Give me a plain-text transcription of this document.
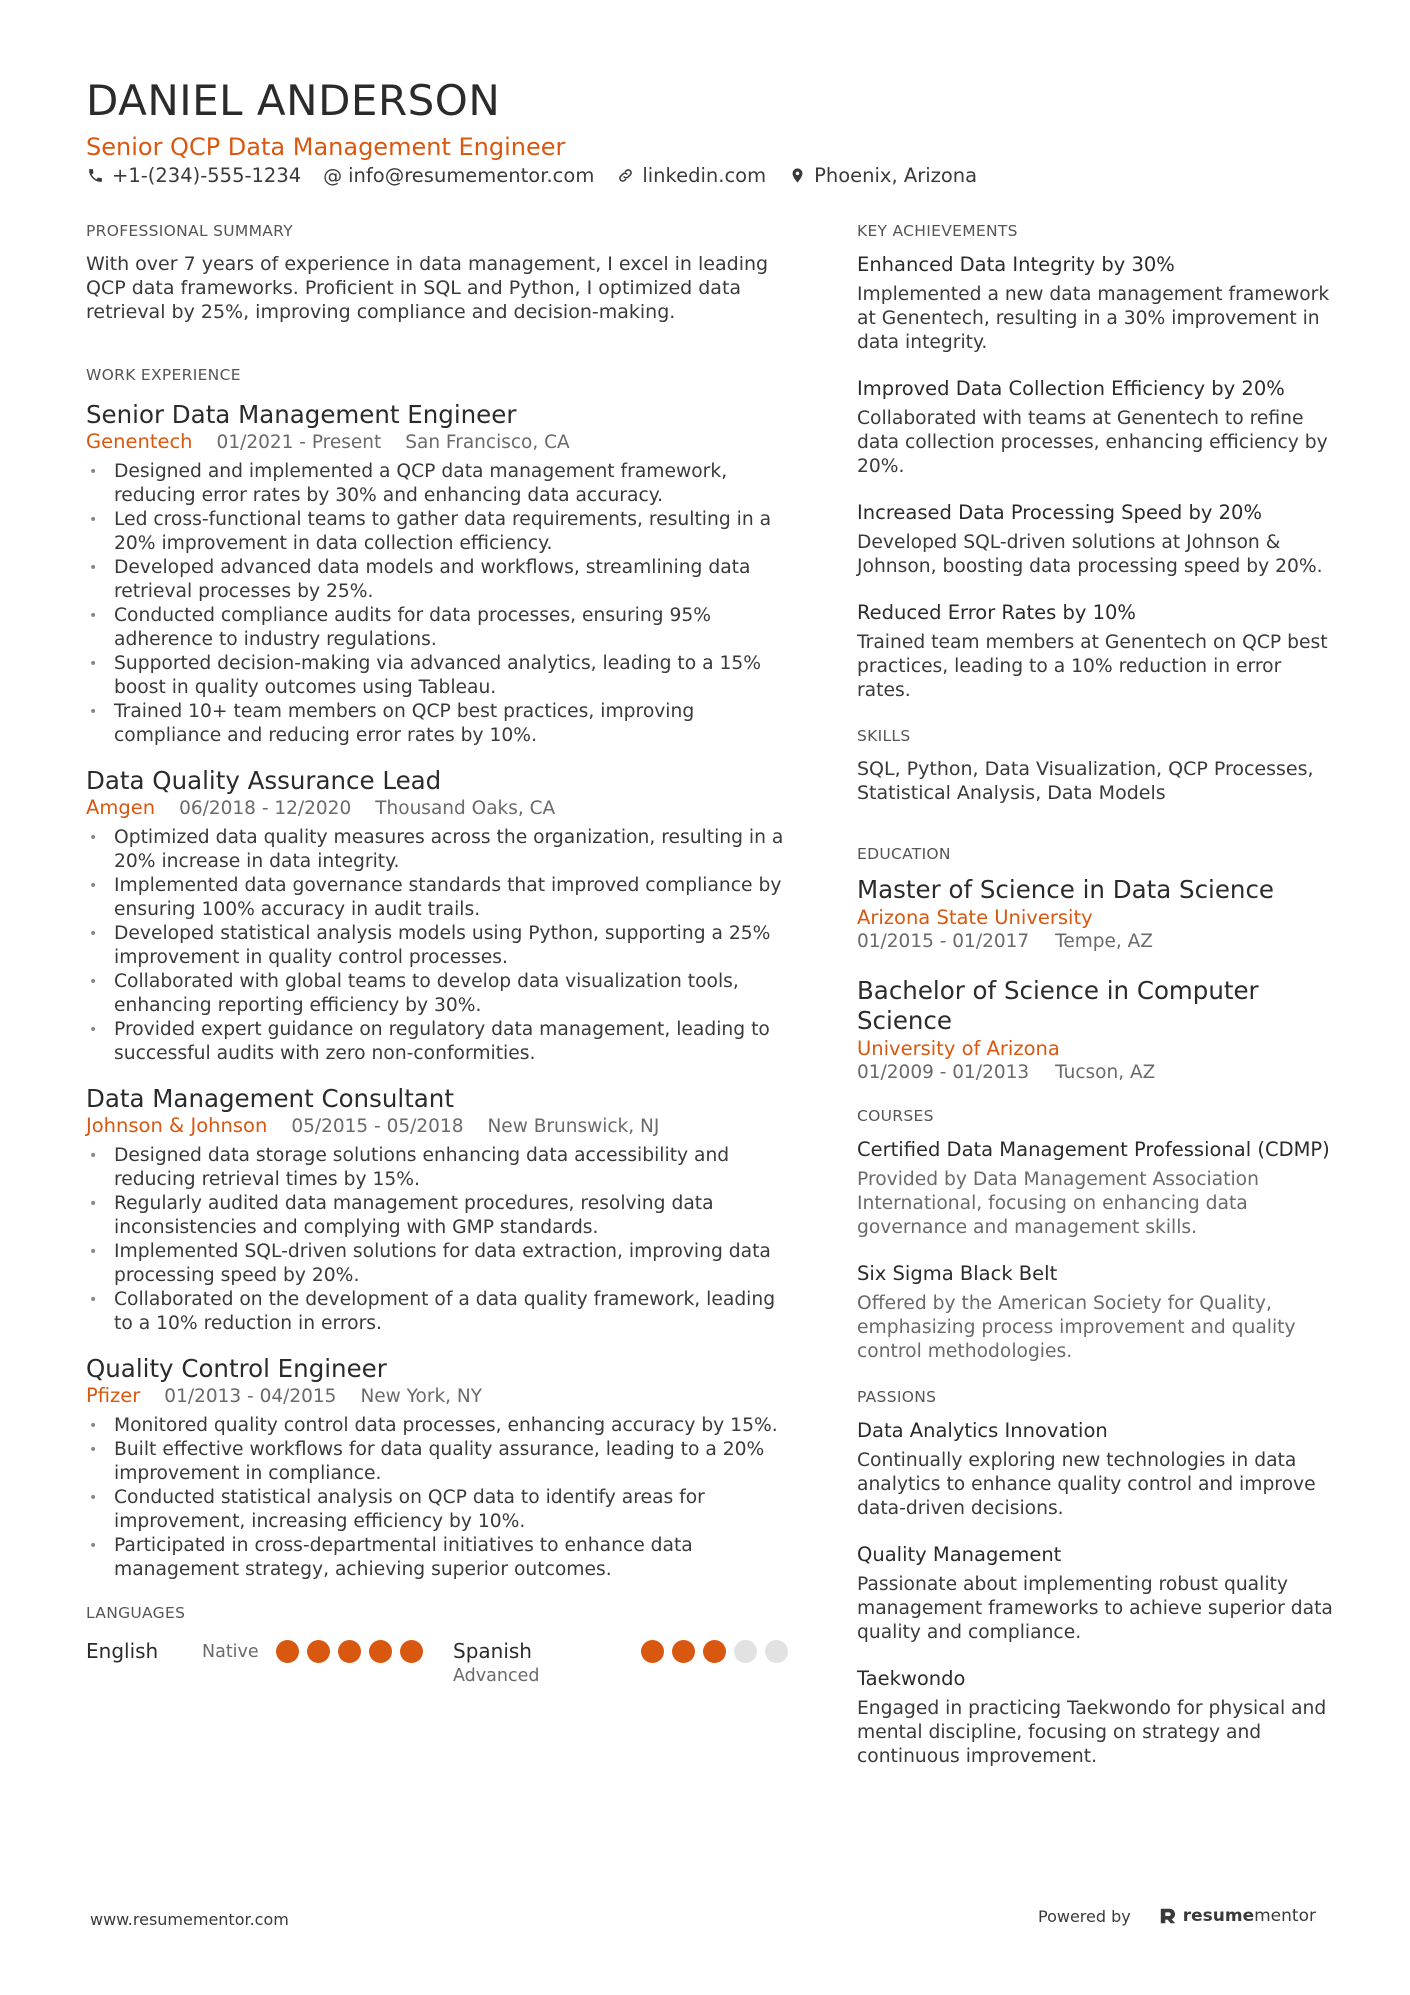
DANIEL ANDERSON
Senior QCP Data Management Engineer
+1-(234)-555-1234 @ info@resumementor.com linkedin.com Phoenix, Arizona
PROFESSIONAL SUMMARY
With over 7 years of experience in data management, I excel in leading QCP data frameworks. Proficient in SQL and Python, I optimized data retrieval by 25%, improving compliance and decision-making.
WORK EXPERIENCE
Senior Data Management Engineer
Genentech 01/2021 - Present San Francisco, CA
• Designed and implemented a QCP data management framework, reducing error rates by 30% and enhancing data accuracy.
• Led cross-functional teams to gather data requirements, resulting in a 20% improvement in data collection efficiency.
• Developed advanced data models and workflows, streamlining data retrieval processes by 25%.
• Conducted compliance audits for data processes, ensuring 95% adherence to industry regulations.
• Supported decision-making via advanced analytics, leading to a 15% boost in quality outcomes using Tableau.
• Trained 10+ team members on QCP best practices, improving compliance and reducing error rates by 10%.
Data Quality Assurance Lead
Amgen 06/2018 - 12/2020 Thousand Oaks, CA
• Optimized data quality measures across the organization, resulting in a 20% increase in data integrity.
• Implemented data governance standards that improved compliance by ensuring 100% accuracy in audit trails.
• Developed statistical analysis models using Python, supporting a 25% improvement in quality control processes.
• Collaborated with global teams to develop data visualization tools, enhancing reporting efficiency by 30%.
• Provided expert guidance on regulatory data management, leading to successful audits with zero non-conformities.
Data Management Consultant
Johnson & Johnson 05/2015 - 05/2018 New Brunswick, NJ
• Designed data storage solutions enhancing data accessibility and reducing retrieval times by 15%.
• Regularly audited data management procedures, resolving data inconsistencies and complying with GMP standards.
• Implemented SQL-driven solutions for data extraction, improving data processing speed by 20%.
• Collaborated on the development of a data quality framework, leading to a 10% reduction in errors.
Quality Control Engineer
Pfizer 01/2013 - 04/2015 New York, NY
• Monitored quality control data processes, enhancing accuracy by 15%.
• Built effective workflows for data quality assurance, leading to a 20% improvement in compliance.
• Conducted statistical analysis on QCP data to identify areas for improvement, increasing efficiency by 10%.
• Participated in cross-departmental initiatives to enhance data management strategy, achieving superior outcomes.
LANGUAGES
English	Native	Spanish
Advanced
KEY ACHIEVEMENTS
Enhanced Data Integrity by 30%
Implemented a new data management framework at Genentech, resulting in a 30% improvement in data integrity.
Improved Data Collection Efficiency by 20%
Collaborated with teams at Genentech to refine data collection processes, enhancing efficiency by 20%.
Increased Data Processing Speed by 20%
Developed SQL-driven solutions at Johnson & Johnson, boosting data processing speed by 20%.
Reduced Error Rates by 10%
Trained team members at Genentech on QCP best practices, leading to a 10% reduction in error rates.
SKILLS
SQL, Python, Data Visualization, QCP Processes, Statistical Analysis, Data Models
EDUCATION
Master of Science in Data Science
Arizona State University
01/2015 - 01/2017 Tempe, AZ
Bachelor of Science in Computer Science
University of Arizona
01/2009 - 01/2013 Tucson, AZ
COURSES
Certified Data Management Professional (CDMP)
Provided by Data Management Association International, focusing on enhancing data governance and management skills.
Six Sigma Black Belt
Offered by the American Society for Quality, emphasizing process improvement and quality control methodologies.
PASSIONS
Data Analytics Innovation
Continually exploring new technologies in data analytics to enhance quality control and improve data-driven decisions.
Quality Management
Passionate about implementing robust quality management frameworks to achieve superior data quality and compliance.
Taekwondo
Engaged in practicing Taekwondo for physical and mental discipline, focusing on strategy and continuous improvement.
www.resumementor.com	Powered by	resume mentor
